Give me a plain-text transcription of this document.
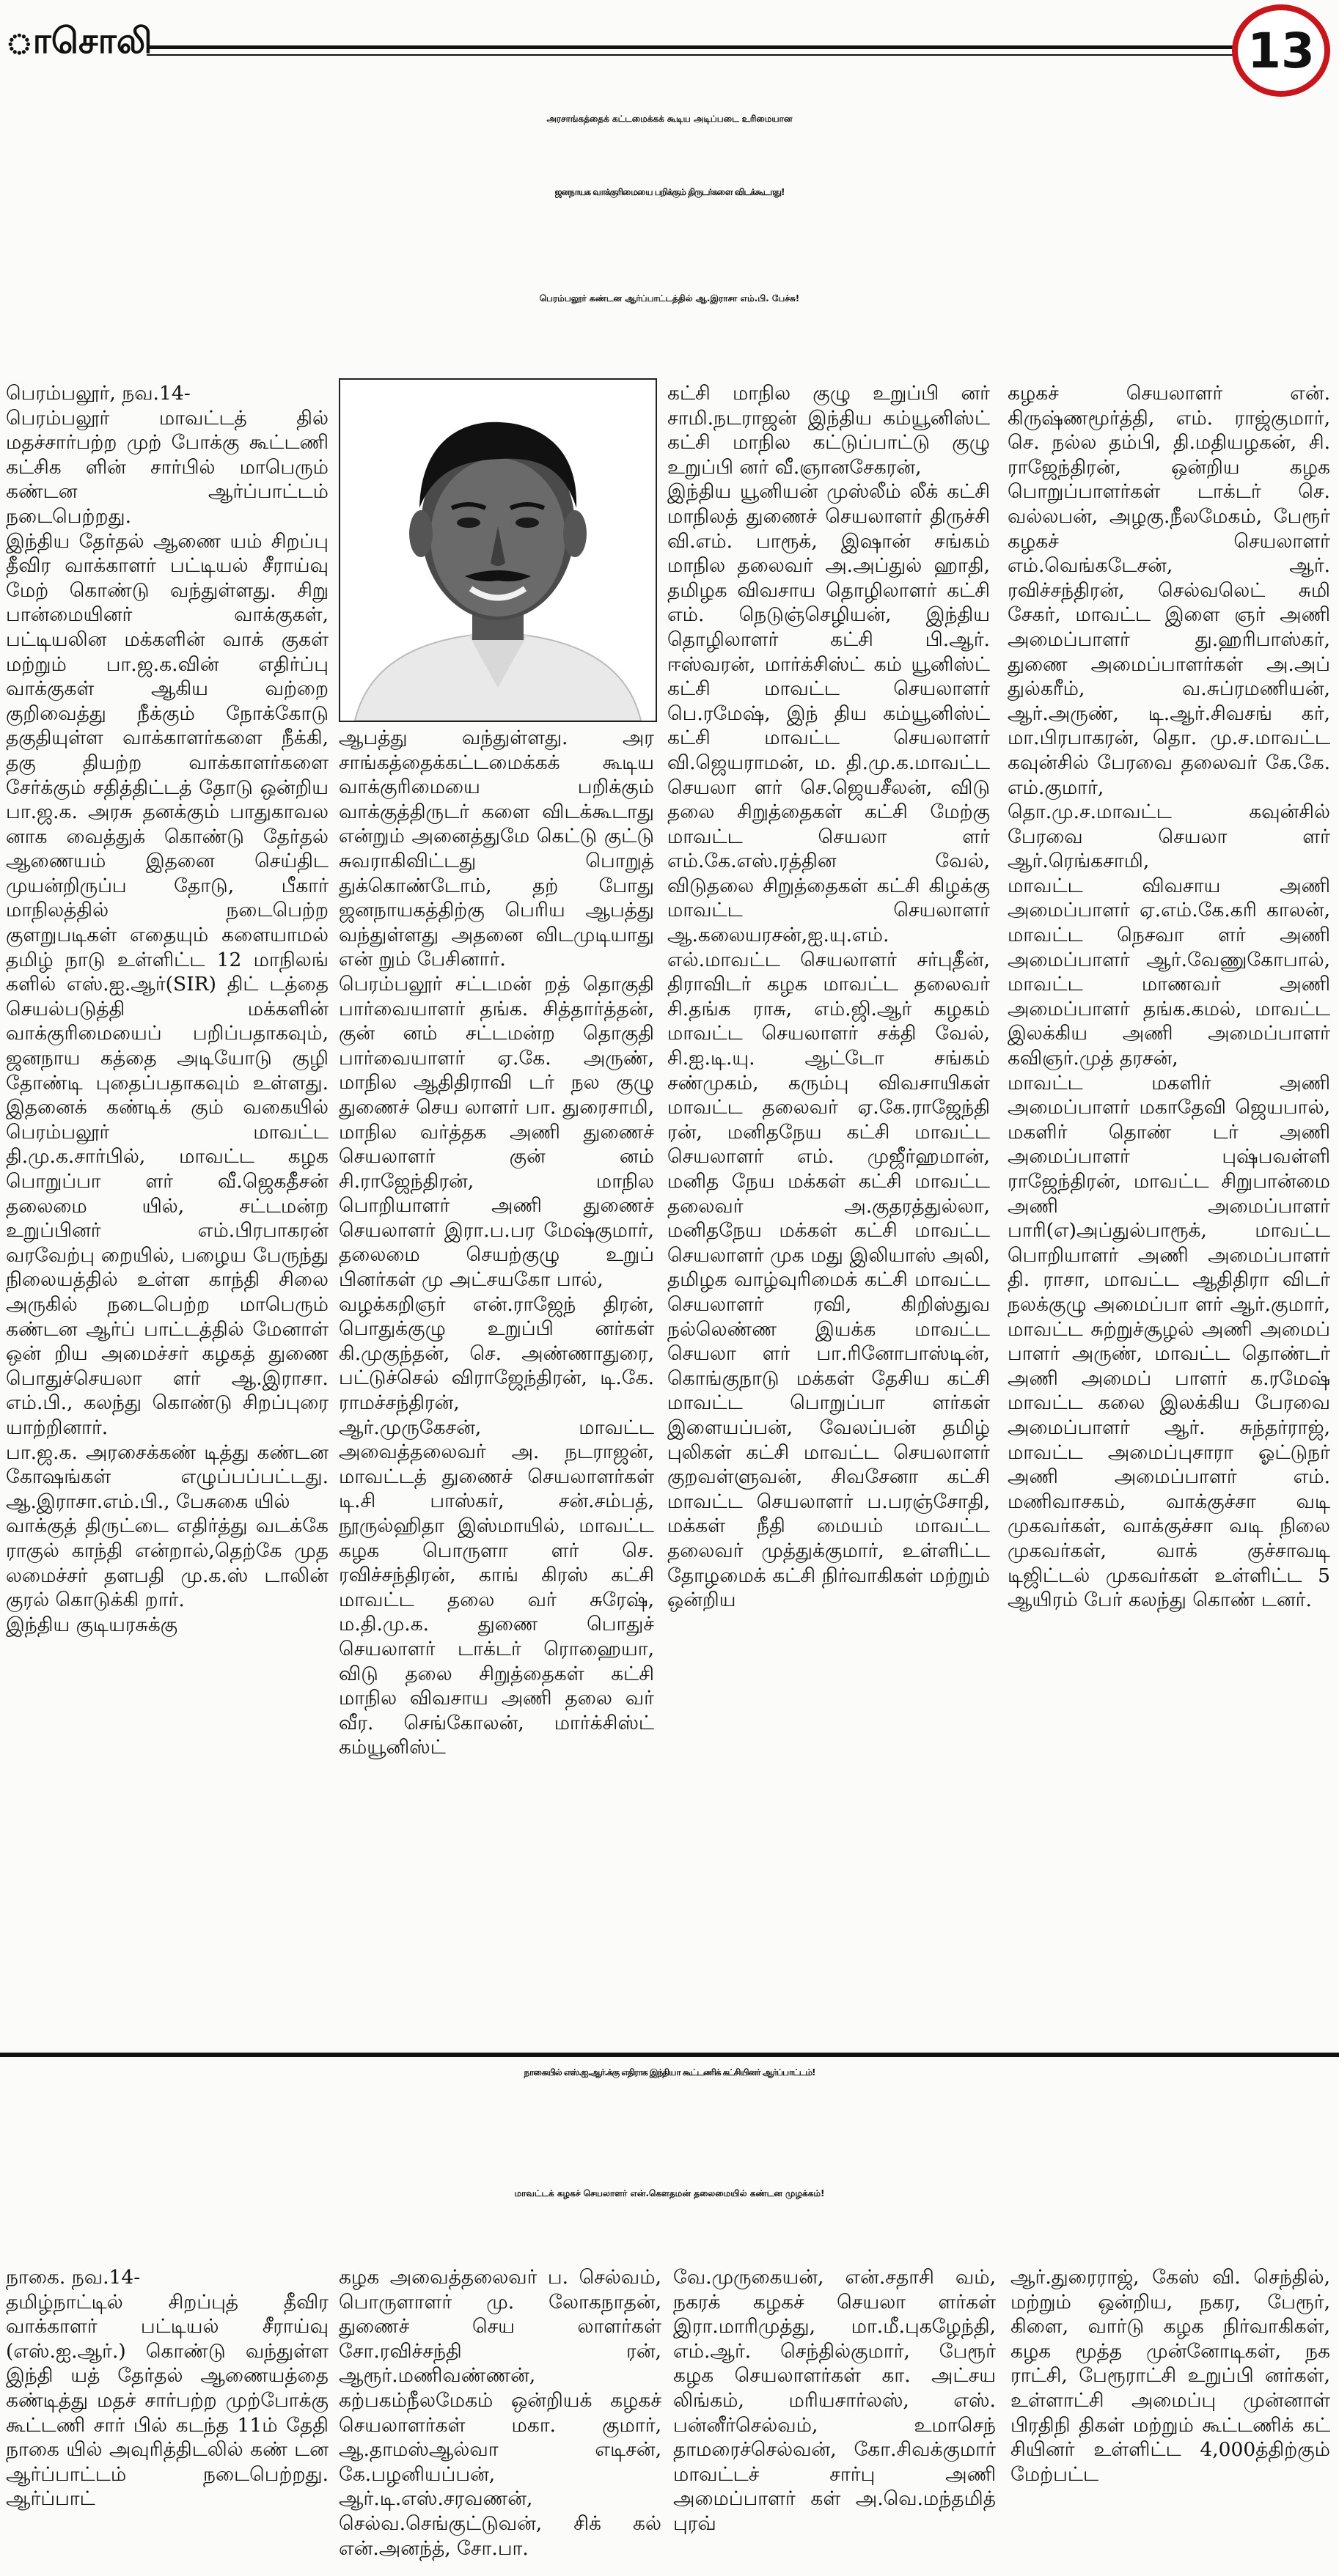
ாசொலி	13
அரசாங்கத்தைக் கட்டமைக்கக் கூடிய அடிப்படை உரிமையான
ஜனநாயக வாக்குரிமையை பறிக்கும் திருடர்களை விடக்கூடாது!
பெரம்பலூர் கண்டன ஆர்ப்பாட்டத்தில் ஆ.இராசா எம்.பி. பேச்சு!
பெரம்பலூர், நவ.14-
பெரம்பலூர் மாவட்டத் தில் மதச்சார்பற்ற முற் போக்கு கூட்டணி கட்சிக ளின் சார்பில் மாபெரும் கண்டன ஆர்ப்பாட்டம் நடைபெற்றது.
இந்திய தேர்தல் ஆணை யம் சிறப்பு தீவிர வாக்காளர் பட்டியல் சீராய்வு மேற் கொண்டு வந்துள்ளது. சிறு பான்மையினர் வாக்குகள், பட்டியலின மக்களின் வாக் குகள் மற்றும் பா.ஜ.க.வின் எதிர்ப்பு வாக்குகள் ஆகிய வற்றை குறிவைத்து நீக்கும் நோக்கோடு தகுதியுள்ள வாக்காளர்களை நீக்கி, தகு தியற்ற வாக்காளர்களை சேர்க்கும் சதித்திட்டத் தோடு ஒன்றிய பா.ஜ.க. அரசு தனக்கும் பாதுகாவல னாக வைத்துக் கொண்டு தேர்தல் ஆணையம் இதனை செய்திட முயன்றிருப்ப தோடு, பீகார் மாநிலத்தில் நடைபெற்ற குளறுபடிகள் எதையும் களையாமல் தமிழ் நாடு உள்ளிட்ட 12 மாநிலங் களில் எஸ்.ஐ.ஆர்(SIR) திட் டத்தை செயல்படுத்தி மக்களின் வாக்குரிமையைப் பறிப்பதாகவும், ஜனநாய கத்தை அடியோடு குழி தோண்டி புதைப்பதாகவும் உள்ளது. இதனைக் கண்டிக் கும் வகையில் பெரம்பலூர் மாவட்ட தி.மு.க.சார்பில், மாவட்ட கழக பொறுப்பா ளர் வீ.ஜெகதீசன் தலைமை யில், சட்டமன்ற உறுப்பினர் எம்.பிரபாகரன் வரவேற்பு றையில், பழைய பேருந்து நிலையத்தில் உள்ள காந்தி சிலை அருகில் நடைபெற்ற மாபெரும் கண்டன ஆர்ப் பாட்டத்தில் மேனாள் ஒன் றிய அமைச்சர் கழகத் துணை பொதுச்செயலா ளர் ஆ.இராசா. எம்.பி., கலந்து கொண்டு சிறப்புரை யாற்றினார்.
பா.ஜ.க. அரசைக்கண் டித்து கண்டன கோஷங்கள் எழுப்பப்பட்டது. ஆ.இராசா.எம்.பி., பேசுகை யில்
வாக்குத் திருட்டை எதிர்த்து வடக்கே ராகுல் காந்தி என்றால்,தெற்கே முத லமைச்சர் தளபதி மு.க.ஸ் டாலின் குரல் கொடுக்கி றார்.
இந்திய குடியரசுக்கு
ஆபத்து வந்துள்ளது. அர சாங்கத்தைக்கட்டமைக்கக் கூடிய வாக்குரிமையை பறிக்கும் வாக்குத்திருடர் களை விடக்கூடாது என்றும் அனைத்துமே கெட்டு குட்டு சுவராகிவிட்டது பொறுத் துக்கொண்டோம், தற் போது ஜனநாயகத்திற்கு பெரிய ஆபத்து வந்துள்ளது அதனை விடமுடியாது என் றும் பேசினார்.
பெரம்பலூர் சட்டமன் றத் தொகுதி பார்வையாளர் தங்க. சித்தார்த்தன், குன் னம் சட்டமன்ற தொகுதி பார்வையாளர் ஏ.கே. அருண், மாநில ஆதிதிராவி டர் நல குழு துணைச் செய லாளர் பா. துரைசாமி, மாநில வர்த்தக அணி துணைச் செயலாளர் குன் னம் சி.ராஜேந்திரன், மாநில பொறியாளர் அணி துணைச் செயலாளர் இரா.ப.பர மேஷ்குமார், தலைமை செயற்குழு உறுப் பினர்கள் மு அட்சயகோ பால்,
வழக்கறிஞர் என்.ராஜேந் திரன், பொதுக்குழு உறுப்பி னர்கள் கி.முகுந்தன், செ. அண்ணாதுரை, பட்டுச்செல் விராஜேந்திரன், டி.கே. ராமச்சந்திரன்,
ஆர்.முருகேசன், மாவட்ட அவைத்தலைவர் அ. நடராஜன், மாவட்டத் துணைச் செயலாளர்கள் டி.சி பாஸ்கர், சன்.சம்பத், நூருல்ஹிதா இஸ்மாயில், மாவட்ட கழக பொருளா ளர் செ. ரவிச்சந்திரன், காங் கிரஸ் கட்சி மாவட்ட தலை வர் சுரேஷ், ம.தி.மு.க. துணை பொதுச் செயலாளர் டாக்டர் ரொஹையா, விடு தலை சிறுத்தைகள் கட்சி மாநில விவசாய அணி தலை வர் வீர. செங்கோலன், மார்க்சிஸ்ட் கம்யூனிஸ்ட்
கட்சி மாநில குழு உறுப்பி னர் சாமி.நடராஜன் இந்திய கம்யூனிஸ்ட் கட்சி மாநில கட்டுப்பாட்டு குழு உறுப்பி னர் வீ.ஞானசேகரன்,
இந்திய யூனியன் முஸ்லீம் லீக் கட்சி மாநிலத் துணைச் செயலாளர் திருச்சி வி.எம். பாரூக், இஷான் சங்கம் மாநில தலைவர் அ.அப்துல் ஹாதி, தமிழக விவசாய தொழிலாளர் கட்சி எம். நெடுஞ்செழியன், இந்திய தொழிலாளர் கட்சி பி.ஆர். ஈஸ்வரன், மார்க்சிஸ்ட் கம் யூனிஸ்ட் கட்சி மாவட்ட செயலாளர் பெ.ரமேஷ், இந் திய கம்யூனிஸ்ட் கட்சி மாவட்ட செயலாளர் வி.ஜெயராமன், ம. தி.மு.க.மாவட்ட செயலா ளர் செ.ஜெயசீலன், விடு தலை சிறுத்தைகள் கட்சி மேற்கு மாவட்ட செயலா ளர் எம்.கே.எஸ்.ரத்தின வேல், விடுதலை சிறுத்தைகள் கட்சி கிழக்கு மாவட்ட செயலாளர் ஆ.கலையரசன்,ஐ.யு.எம். எல்.மாவட்ட செயலாளர் சர்புதீன், திராவிடர் கழக மாவட்ட தலைவர் சி.தங்க ராசு, எம்.ஜி.ஆர் கழகம் மாவட்ட செயலாளர் சக்தி வேல், சி.ஐ.டி.யு. ஆட்டோ சங்கம் சண்முகம், கரும்பு விவசாயிகள் மாவட்ட தலைவர் ஏ.கே.ராஜேந்தி ரன், மனிதநேய கட்சி மாவட்ட செயலாளர் எம். முஜீர்ஹமான், மனித நேய மக்கள் கட்சி மாவட்ட தலைவர் அ.குதரத்துல்லா, மனிதநேய மக்கள் கட்சி மாவட்ட செயலாளர் முக மது இலியாஸ் அலி, தமிழக வாழ்வுரிமைக் கட்சி மாவட்ட செயலாளர் ரவி, கிறிஸ்துவ நல்லெண்ண இயக்க மாவட்ட செயலா ளர் பா.ரினோபாஸ்டின், கொங்குநாடு மக்கள் தேசிய கட்சி மாவட்ட பொறுப்பா ளர்கள் இளையப்பன், வேலப்பன் தமிழ் புலிகள் கட்சி மாவட்ட செயலாளர் குறவள்ளுவன், சிவசேனா கட்சி மாவட்ட செயலாளர் ப.பரஞ்சோதி, மக்கள் நீதி மையம் மாவட்ட தலைவர் முத்துக்குமார், உள்ளிட்ட தோழமைக் கட்சி நிர்வாகிகள் மற்றும் ஒன்றிய
கழகச் செயலாளர் என். கிருஷ்ணமூர்த்தி, எம். ராஜ்குமார், செ. நல்ல தம்பி, தி.மதியழகன், சி. ராஜேந்திரன், ஒன்றிய கழக பொறுப்பாளர்கள் டாக்டர் செ. வல்லபன், அழகு.நீலமேகம், பேரூர் கழகச் செயலாளர் எம்.வெங்கடேசன், ஆர். ரவிச்சந்திரன், செல்வலெட் சுமி சேகர், மாவட்ட இளை ஞர் அணி அமைப்பாளர் து.ஹரிபாஸ்கர், துணை அமைப்பாளர்கள் அ.அப் துல்கரீம், வ.சுப்ரமணியன், ஆர்.அருண், டி.ஆர்.சிவசங் கர், மா.பிரபாகரன், தொ. மு.ச.மாவட்ட கவுன்சில் பேரவை தலைவர் கே.கே. எம்.குமார்,
தொ.மு.ச.மாவட்ட கவுன்சில் பேரவை செயலா ளர் ஆர்.ரெங்கசாமி,
மாவட்ட விவசாய அணி அமைப்பாளர் ஏ.எம்.கே.கரி காலன், மாவட்ட நெசவா ளர் அணி அமைப்பாளர் ஆர்.வேணுகோபால், மாவட்ட மாணவர் அணி அமைப்பாளர் தங்க.கமல், மாவட்ட இலக்கிய அணி அமைப்பாளர் கவிஞர்.முத் தரசன்,
மாவட்ட மகளிர் அணி அமைப்பாளர் மகாதேவி ஜெயபால், மகளிர் தொண் டர் அணி அமைப்பாளர் புஷ்பவள்ளி ராஜேந்திரன், மாவட்ட சிறுபான்மை அணி அமைப்பாளர் பாரி(எ)அப்துல்பாரூக், மாவட்ட பொறியாளர் அணி அமைப்பாளர் தி. ராசா, மாவட்ட ஆதிதிரா விடர் நலக்குழு அமைப்பா ளர் ஆர்.குமார், மாவட்ட சுற்றுச்சூழல் அணி அமைப் பாளர் அருண், மாவட்ட தொண்டர் அணி அமைப் பாளர் க.ரமேஷ் மாவட்ட கலை இலக்கிய பேரவை அமைப்பாளர் ஆர். சுந்தர்ராஜ், மாவட்ட அமைப்புசாரா ஓட்டுநர் அணி அமைப்பாளர் எம். மணிவாசகம், வாக்குச்சா வடி முகவர்கள், வாக்குச்சா வடி நிலை முகவர்கள், வாக் குச்சாவடி டிஜிட்டல் முகவர்கள் உள்ளிட்ட 5 ஆயிரம் பேர் கலந்து கொண் டனர்.
நாகையில் எஸ்.ஐ.ஆர்.க்கு எதிராக இந்தியா கூட்டணிக் கட்சியினர் ஆர்ப்பாட்டம்!
மாவட்டக் கழகச் செயலாளர் என்.கௌதமன் தலைமையில் கண்டன முழக்கம்!
நாகை. நவ.14-
தமிழ்நாட்டில் சிறப்புத் தீவிர வாக்காளர் பட்டியல் சீராய்வு (எஸ்.ஐ.ஆர்.) கொண்டு வந்துள்ள இந்தி யத் தேர்தல் ஆணையத்தை கண்டித்து மதச் சார்பற்ற முற்போக்கு கூட்டணி சார் பில் கடந்த 11ம் தேதி நாகை யில் அவுரித்திடலில் கண் டன ஆர்ப்பாட்டம் நடைபெற்றது. ஆர்ப்பாட்
கழக அவைத்தலைவர் ப. செல்வம், பொருளாளர் மு. லோகநாதன், துணைச் செய லாளர்கள் சோ.ரவிச்சந்தி ரன், ஆரூர்.மணிவண்ணன், கற்பகம்நீலமேகம் ஒன்றியக் கழகச் செயலாளர்கள் மகா. குமார், ஆ.தாமஸ்ஆல்வா எடிசன், கே.பழனியப்பன், ஆர்.டி.எஸ்.சரவணன், செல்வ.செங்குட்டுவன், சிக் கல் என்.அனந்த், சோ.பா.
வே.முருகையன், என்.சதாசி வம், நகரக் கழகச் செயலா ளர்கள் இரா.மாரிமுத்து, மா.மீ.புகழேந்தி, எம்.ஆர். செந்தில்குமார், பேரூர் கழக செயலாளர்கள் கா. அட்சய லிங்கம், மரியசார்லஸ், எஸ். பன்னீர்செல்வம், உமாசெந் தாமரைச்செல்வன், கோ.சிவக்குமார் மாவட்டச் சார்பு அணி அமைப்பாளர் கள் அ.வெ.மந்தமித் புரவ்
ஆர்.துரைராஜ், கேஸ் வி. செந்தில், மற்றும் ஒன்றிய, நகர, பேரூர், கிளை, வார்டு கழக நிர்வாகிகள், கழக மூத்த முன்னோடிகள், நக ராட்சி, பேரூராட்சி உறுப்பி னர்கள், உள்ளாட்சி அமைப்பு முன்னாள் பிரதிநி திகள் மற்றும் கூட்டணிக் கட் சியினர் உள்ளிட்ட 4,000த்திற்கும் மேற்பட்ட
